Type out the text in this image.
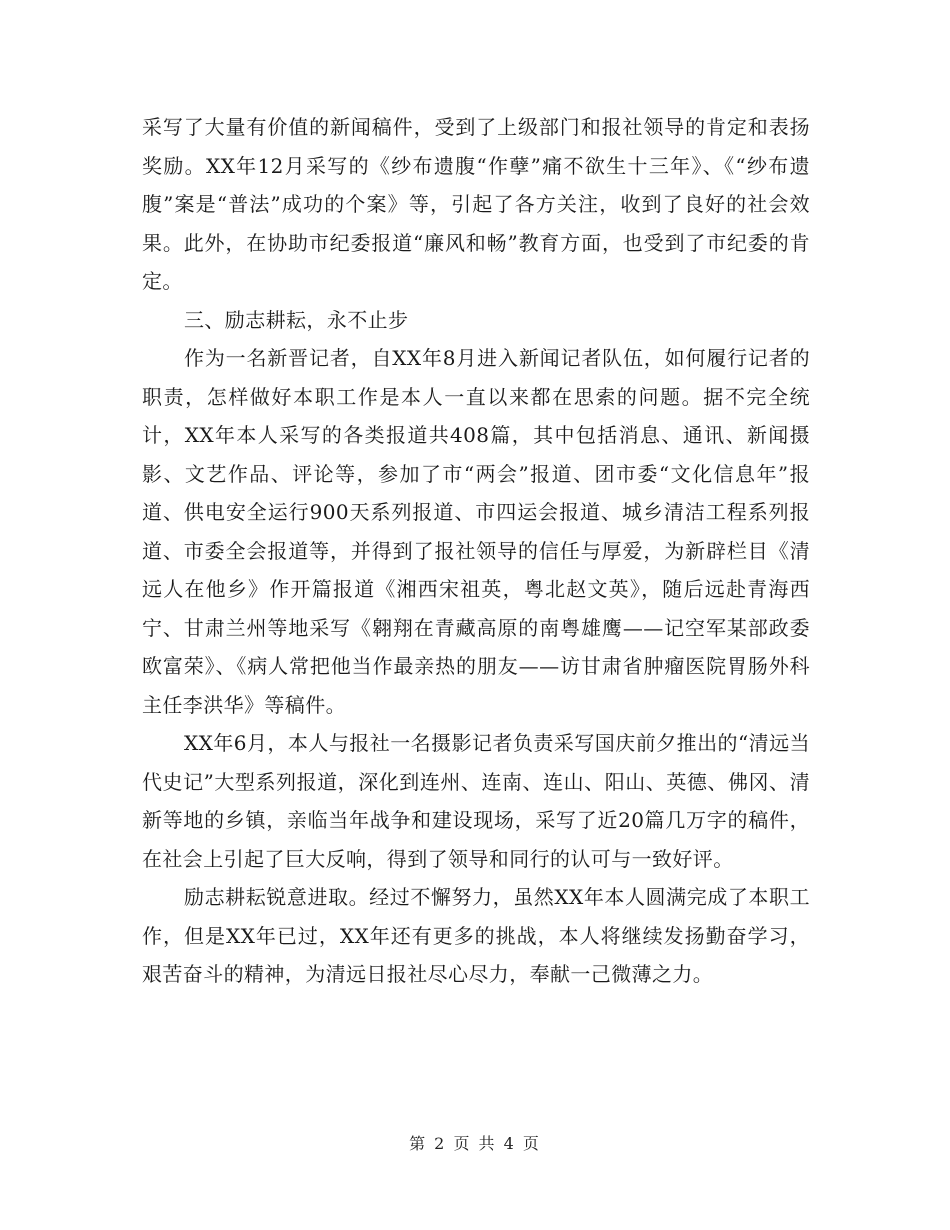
采写了大量有价值的新闻稿件，受到了上级部门和报社领导的肯定和表扬奖励。XX年12月采写的《纱布遗腹“作孽”痛不欲生十三年》、《“纱布遗腹”案是“普法”成功的个案》等，引起了各方关注，收到了良好的社会效果。此外，在协助市纪委报道“廉风和畅”教育方面，也受到了市纪委的肯定。

三、励志耕耘，永不止步

作为一名新晋记者，自XX年8月进入新闻记者队伍，如何履行记者的职责，怎样做好本职工作是本人一直以来都在思索的问题。据不完全统计，XX年本人采写的各类报道共408篇，其中包括消息、通讯、新闻摄影、文艺作品、评论等，参加了市“两会”报道、团市委“文化信息年”报道、供电安全运行900天系列报道、市四运会报道、城乡清洁工程系列报道、市委全会报道等，并得到了报社领导的信任与厚爱，为新辟栏目《清远人在他乡》作开篇报道《湘西宋祖英，粤北赵文英》，随后远赴青海西宁、甘肃兰州等地采写《翱翔在青藏高原的南粤雄鹰——记空军某部政委欧富荣》、《病人常把他当作最亲热的朋友——访甘肃省肿瘤医院胃肠外科主任李洪华》等稿件。

XX年6月，本人与报社一名摄影记者负责采写国庆前夕推出的“清远当代史记”大型系列报道，深化到连州、连南、连山、阳山、英德、佛冈、清新等地的乡镇，亲临当年战争和建设现场，采写了近20篇几万字的稿件，在社会上引起了巨大反响，得到了领导和同行的认可与一致好评。

励志耕耘锐意进取。经过不懈努力，虽然XX年本人圆满完成了本职工作，但是XX年已过，XX年还有更多的挑战，本人将继续发扬勤奋学习，艰苦奋斗的精神，为清远日报社尽心尽力，奉献一己微薄之力。

第 2 页 共 4 页
